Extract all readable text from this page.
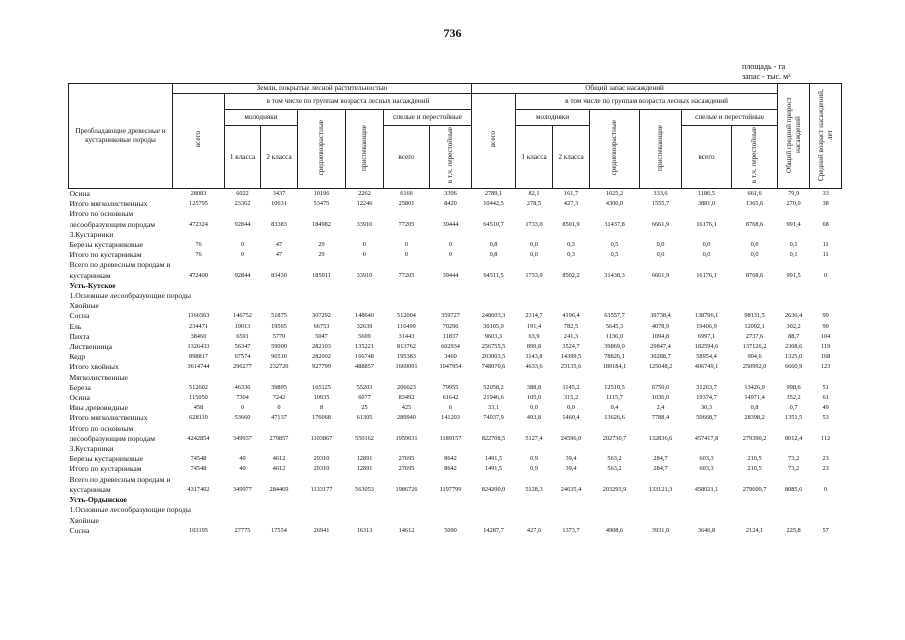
736
площадь - га
запас - тыс. м³
Преобладающие древесные и кустарниковые породы	Земли, покрытые лесной растительностью							Общий запас насаждений							Общий средний прирост насаждений	Средний возраст насаждений, лет
	всего	в том числе по группам возраста лесных насаждений						всего	в том числе по группам возраста лесных насаждений							
		молодняки		средневозрастные	приспевающие	спелые и перестойные			молодняки		средневозрастные	приспевающие	спелые и перестойные			
		1 класса	2 класса			всего	в т.ч. перестойные		1 класса	2 класса			всего	в т.ч. перестойные		
Осина	28083	6022	3437	10196	2262	6166	3396	2789,1	82,1	161,7	1025,2	333,6	1186,5	661,6	79,9	33
Итого мягколиственных	125795	23362	10631	53475	12246	25801	8420	10442,5	278,5	427,3	4300,0	1555,7	3881,0	1365,6	270,0	38
Итого по основным лесообразующим породам	472324	92844	83383	184982	33910	77205	39444	64510,7	1733,0	8501,9	31437,8	6661,9	16176,1	8768,6	991,4	68
3.Кустарники																
Березы кустарниковые	76	0	47	29	0	0	0	0,8	0,0	0,3	0,5	0,0	0,0	0,0	0,1	11
Итого по кустарникам	76	0	47	29	0	0	0	0,8	0,0	0,3	0,5	0,0	0,0	0,0	0,1	11
Всего по древесным породам и кустарникам	472400	92844	83430	185011	33910	77205	39444	64511,5	1733,0	8502,2	31438,3	6661,9	16176,1	8768,6	991,5	0
Усть-Кутское																
1.Основные лесообразующие породы																
Хвойные																
Сосна	1166563	146752	51875	307292	148640	512004	359727	248603,3	2314,7	4196,4	63557,7	39738,4	138796,1	98131,5	2636,4	99
Ель	234471	19013	19565	66753	32639	116499	70296	30105,0	191,4	782,5	5645,3	4078,9	19406,9	12092,1	302,2	99
Пихта	38460	6591	5770	5047	5609	31443	11837	9603,3	63,9	241,3	1136,0	1094,8	6997,1	2737,6	88,7	104
Лиственница	1326433	56347	59000	282103	135221	813762	602934	256755,5	899,8	3524,7	39869,0	29847,4	182594,6	137126,2	2308,6	119
Кедр	898817	67574	96510	282002	166748	195383	3460	203003,5	1143,8	14399,5	78826,1	30288,7	58954,4	904,6	1325,0	168
Итого хвойных	3614744	296277	232720	927799	488857	1669091	1047954	748070,6	4633,6	23135,6	189184,1	125048,2	406749,1	250992,0	6660,9	123
Мягколиственные																
Береза	512602	46336	39895	165125	55203	206023	79955	52058,2	388,8	1145,2	12510,5	6750,0	31263,7	13426,0	998,6	51
Осина	115050	7304	7242	10935	6077	83492	61642	21946,6	105,0	315,2	1115,7	1036,0	19374,7	14971,4	352,2	61
Ивы древовидные	458	0	0	8	25	425	6	33,1	0,0	0,0	0,4	2,4	30,3	0,8	0,7	49
Итого мягколиственных	628110	53660	47137	176068	61305	289940	141203	74037,9	493,8	1460,4	13626,6	7788,4	50668,7	28398,2	1351,5	53
Итого по основным лесообразующим породам	4242854	349937	279857	1103867	550162	1959031	1189157	822708,5	5127,4	24596,0	202730,7	132836,6	457417,8	279390,2	8012,4	112
3.Кустарники																
Березы кустарниковые	74548	40	4612	29310	12891	27695	8642	1491,5	0,9	39,4	563,2	284,7	603,3	210,5	73,2	23
Итого по кустарникам	74548	40	4612	29310	12891	27695	8642	1491,5	0,9	39,4	563,2	284,7	603,3	210,5	73,2	23
Всего по древесным породам и кустарникам	4317402	349977	284469	1133177	563053	1986726	1197799	824200,0	5128,3	24635,4	203293,9	133121,3	458021,1	279600,7	8085,6	0
Усть-Ордынское																
1.Основные лесообразующие породы																
Хвойные																
Сосна	103195	27775	17554	26941	16313	14612	5090	14287,7	427,6	1373,7	4908,6	3931,0	3646,8	2124,1	225,8	57
